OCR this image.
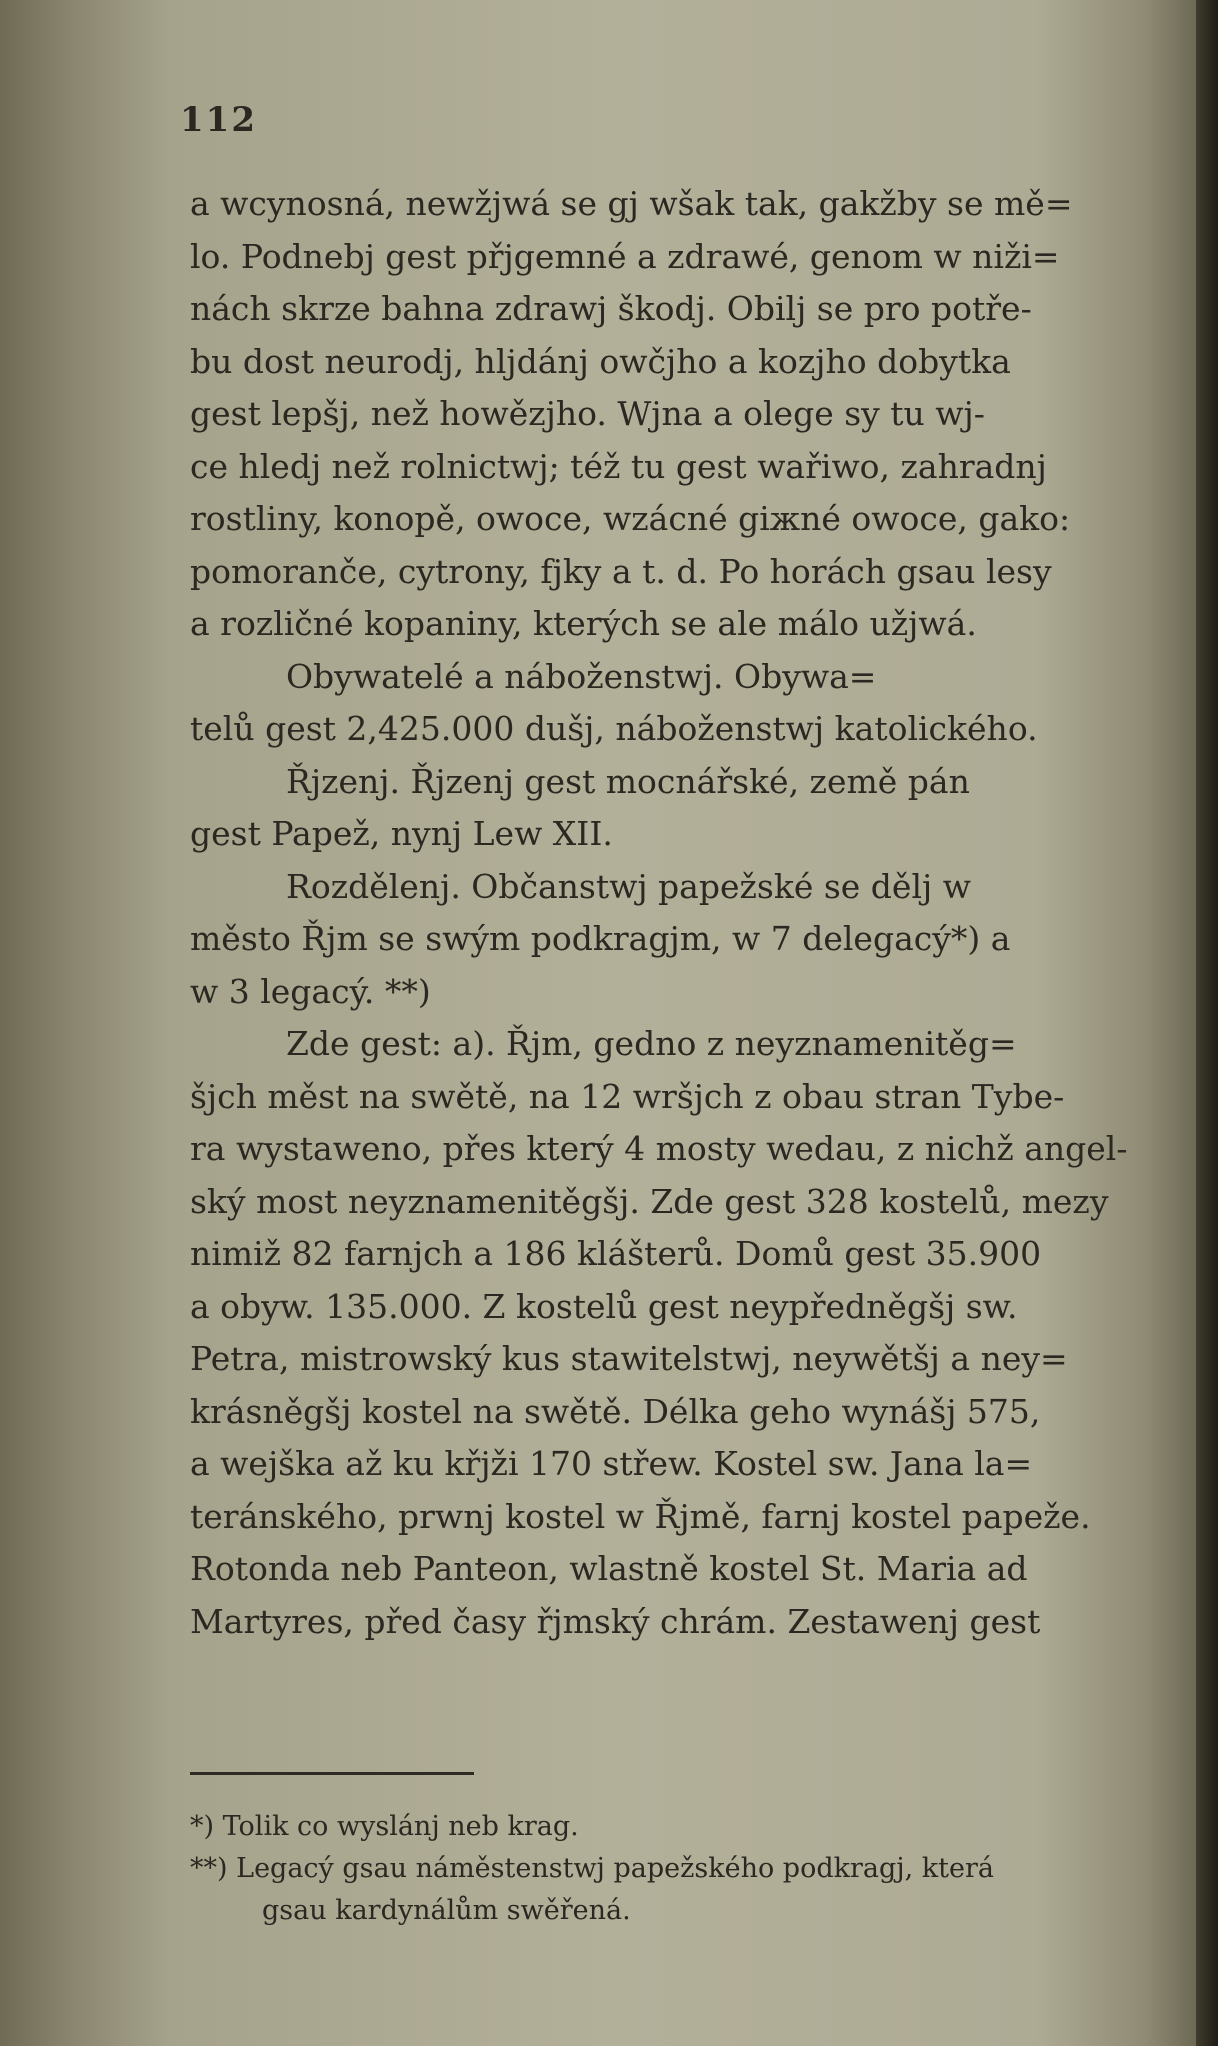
112
a wcynosná, newžjwá se gj wšak tak, gakžby se mě=
lo. Podnebj gest přjgemné a zdrawé, genom w niži=
nách skrze bahna zdrawj škodj. Obilj se pro potře-
bu dost neurodj, hljdánj owčjho a kozjho dobytka
gest lepšj, než howězjho. Wjna a olege sy tu wj-
ce hledj než rolnictwj; též tu gest wařiwo, zahradnj
rostliny, konopě, owoce, wzácné giжné owoce, gako:
pomoranče, cytrony, fjky a t. d. Po horách gsau lesy
a rozličné kopaniny, kterých se ale málo užjwá.
Obywatelé a náboženstwj. Obywa=
telů gest 2,425.000 dušj, náboženstwj katolického.
Řjzenj. Řjzenj gest mocnářské, země pán
gest Papež, nynj Lew XII.
Rozdělenj. Občanstwj papežské se dělj w
město Řjm se swým podkragjm, w 7 delegacý*) a
w 3 legacý. **)
Zde gest: a). Řjm, gedno z neyznamenitěg=
šjch měst na swětě, na 12 wršjch z obau stran Tybe-
ra wystaweno, přes který 4 mosty wedau, z nichž angel-
ský most neyznamenitěgšj. Zde gest 328 kostelů, mezy
nimiž 82 farnjch a 186 klášterů. Domů gest 35.900
a obyw. 135.000. Z kostelů gest neypředněgšj sw.
Petra, mistrowský kus stawitelstwj, neywětšj a ney=
krásněgšj kostel na swětě. Délka geho wynášj 575,
a wejška až ku křjži 170 střew. Kostel sw. Jana la=
teránského, prwnj kostel w Řjmě, farnj kostel papeže.
Rotonda neb Panteon, wlastně kostel St. Maria ad
Martyres, před časy řjmský chrám. Zestawenj gest
*) Tolik co wyslánj neb krag.
**) Legacý gsau náměstenstwj papežského podkragj, která
gsau kardynálům swěřená.
